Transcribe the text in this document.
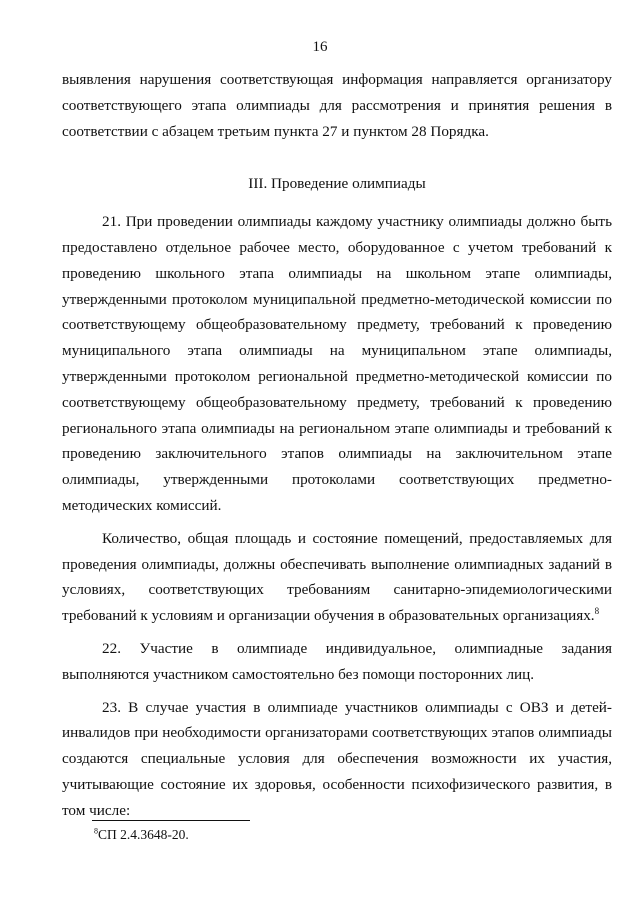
16

выявления нарушения соответствующая информация направляется организатору соответствующего этапа олимпиады для рассмотрения и принятия решения в соответствии с абзацем третьим пункта 27 и пунктом 28 Порядка.

III. Проведение олимпиады

21. При проведении олимпиады каждому участнику олимпиады должно быть предоставлено отдельное рабочее место, оборудованное с учетом требований к проведению школьного этапа олимпиады на школьном этапе олимпиады, утвержденными протоколом муниципальной предметно-методической комиссии по соответствующему общеобразовательному предмету, требований к проведению муниципального этапа олимпиады на муниципальном этапе олимпиады, утвержденными протоколом региональной предметно-методической комиссии по соответствующему общеобразовательному предмету, требований к проведению регионального этапа олимпиады на региональном этапе олимпиады и требований к проведению заключительного этапов олимпиады на заключительном этапе олимпиады, утвержденными протоколами соответствующих предметно-методических комиссий.

Количество, общая площадь и состояние помещений, предоставляемых для проведения олимпиады, должны обеспечивать выполнение олимпиадных заданий в условиях, соответствующих требованиям санитарно-эпидемиологическими требований к условиям и организации обучения в образовательных организациях.$^8$

22. Участие в олимпиаде индивидуальное, олимпиадные задания выполняются участником самостоятельно без помощи посторонних лиц.

23. В случае участия в олимпиаде участников олимпиады с ОВЗ и детей-инвалидов при необходимости организаторами соответствующих этапов олимпиады создаются специальные условия для обеспечения возможности их участия, учитывающие состояние их здоровья, особенности психофизического развития, в том числе:

$^8$СП 2.4.3648-20.
